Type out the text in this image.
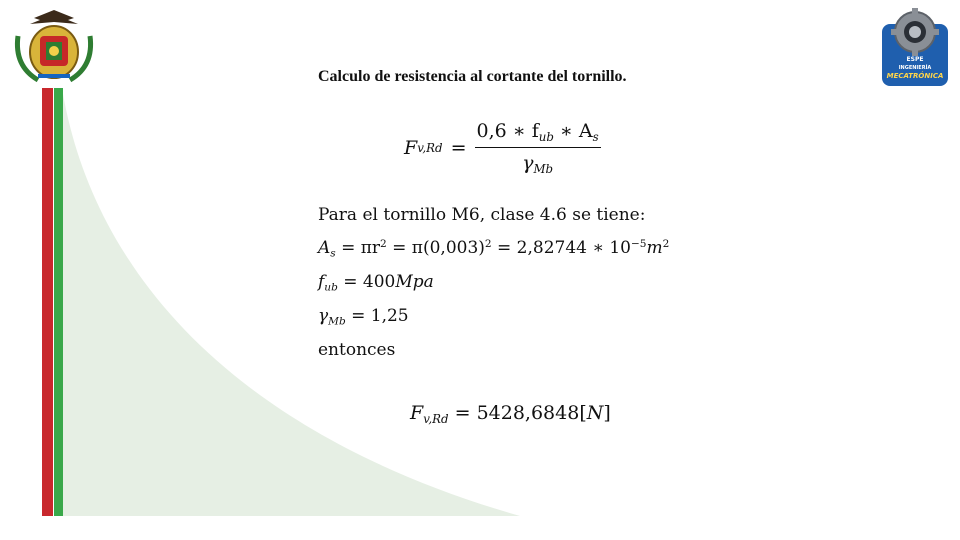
ESPE
INGENIERÍA
MECATRÓNICA
Calculo de resistencia al cortante del tornillo.
F $v,Rd = \frac{0,6 ∗ f_{ub} ∗ A_s}{\gamma_{Mb}}$
Para el tornillo M6, clase 4.6 se tiene:
$A_s = \pi r^2 = \pi(0,003)^2 = 2,82744$ ∗ $10^{-5}m^2$
$f_{ub} = 400Mpa$
$\gamma_{Mb} = 1,25$
entonces
$F_{v,Rd} = 5428,6848[N]$
